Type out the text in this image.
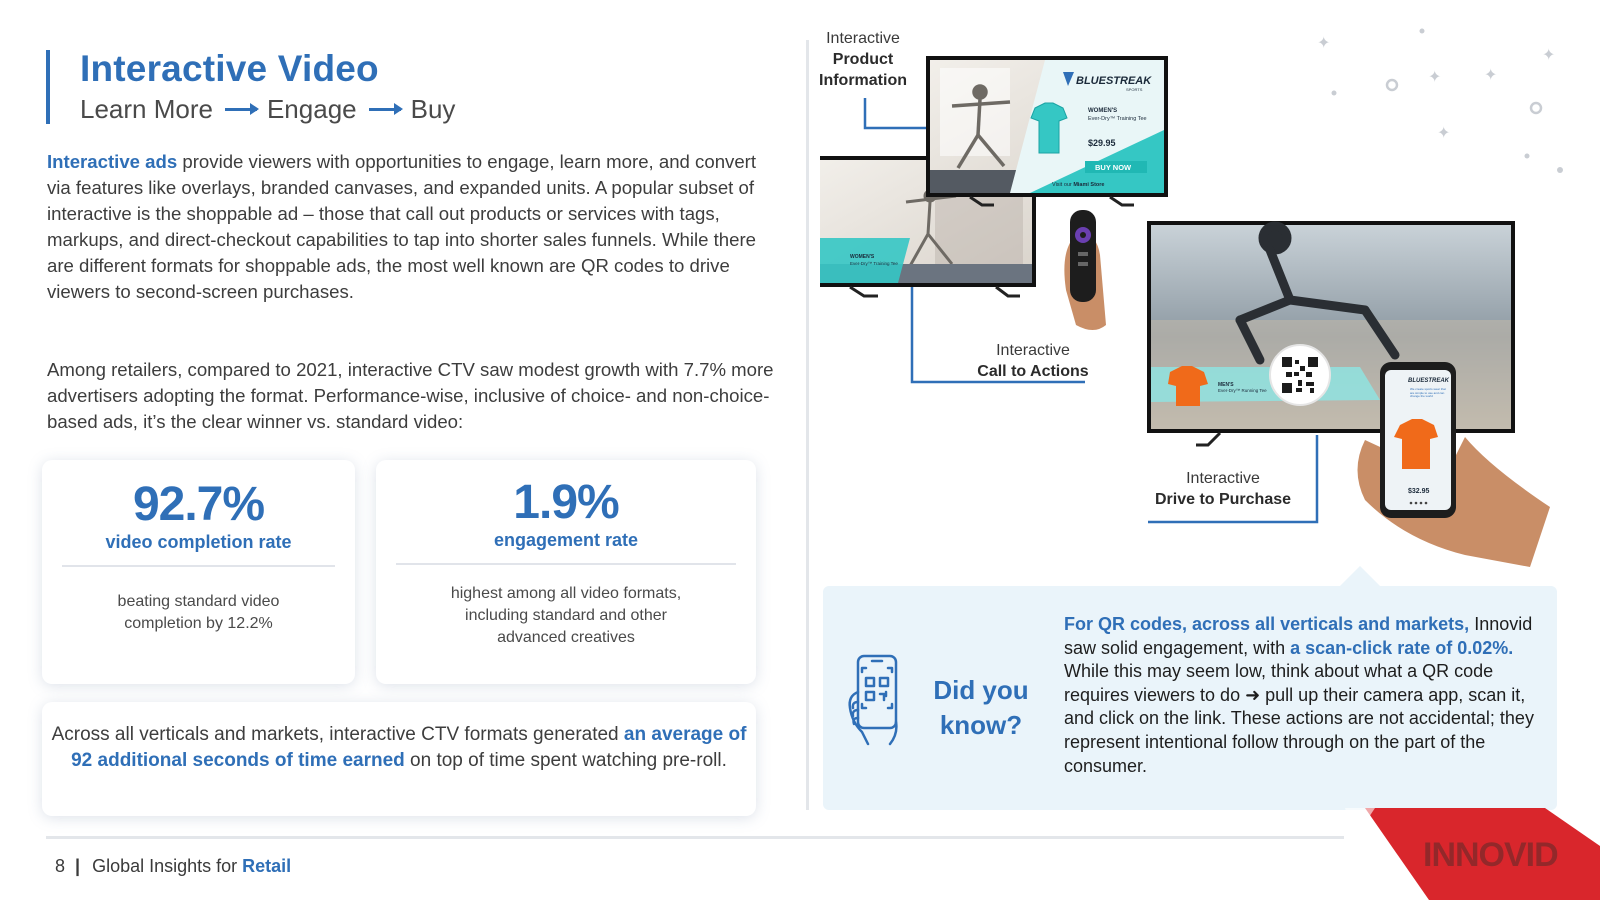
Interactive Video
Learn More Engage Buy

Interactive ads provide viewers with opportunities to engage, learn more, and convert via features like overlays, branded canvases, and expanded units. A popular subset of interactive is the shoppable ad – those that call out products or services with tags, markups, and direct-checkout capabilities to tap into shorter sales funnels. While there are different formats for shoppable ads, the most well known are QR codes to drive viewers to second-screen purchases.

Among retailers, compared to 2021, interactive CTV saw modest growth with 7.7% more advertisers adopting the format. Performance-wise, inclusive of choice- and non-choice-based ads, it’s the clear winner vs. standard video:

92.7%
video completion rate
beating standard video completion by 12.2%
1.9%
engagement rate
highest among all video formats, including standard and other advanced creatives
Across all verticals and markets, interactive CTV formats generated an average of 92 additional seconds of time earned on top of time spent watching pre-roll.
✦
✦	✦
✦
✦
WOMEN'S
Ever-Dry™ Training Tee
BLUESTREAK
SPORTS
WOMEN'S
Ever-Dry™ Training Tee
$29.95
BUY NOW
Visit our Miami Store
MEN'S
Ever-Dry™ Running Tee
BLUESTREAK
We create sports wear that are simple to use and can change the world
$32.95
Interactive
Product Information
Interactive
Call to Actions
Interactive
Drive to Purchase
Did you know?
For QR codes, across all verticals and markets, Innovid saw solid engagement, with a scan-click rate of 0.02%. While this may seem low, think about what a QR code requires viewers to do ➜ pull up their camera app, scan it, and click on the link. These actions are not accidental; they represent intentional follow through on the part of the consumer.
8 | Global Insights for Retail	INNOVID
